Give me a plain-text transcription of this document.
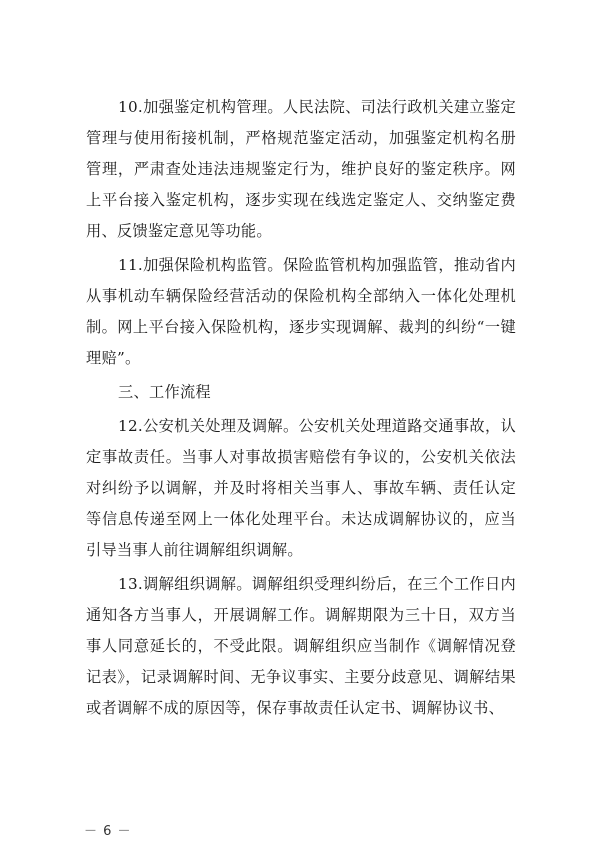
10.加强鉴定机构管理。人民法院、司法行政机关建立鉴定管理与使用衔接机制，严格规范鉴定活动，加强鉴定机构名册管理，严肃查处违法违规鉴定行为，维护良好的鉴定秩序。网上平台接入鉴定机构，逐步实现在线选定鉴定人、交纳鉴定费用、反馈鉴定意见等功能。

11.加强保险机构监管。保险监管机构加强监管，推动省内从事机动车辆保险经营活动的保险机构全部纳入一体化处理机制。网上平台接入保险机构，逐步实现调解、裁判的纠纷“一键理赔”。

三、工作流程

12.公安机关处理及调解。公安机关处理道路交通事故，认定事故责任。当事人对事故损害赔偿有争议的，公安机关依法对纠纷予以调解，并及时将相关当事人、事故车辆、责任认定等信息传递至网上一体化处理平台。未达成调解协议的，应当引导当事人前往调解组织调解。

13.调解组织调解。调解组织受理纠纷后，在三个工作日内通知各方当事人，开展调解工作。调解期限为三十日，双方当事人同意延长的，不受此限。调解组织应当制作《调解情况登记表》，记录调解时间、无争议事实、主要分歧意见、调解结果或者调解不成的原因等，保存事故责任认定书、调解协议书、

－ 6 －
